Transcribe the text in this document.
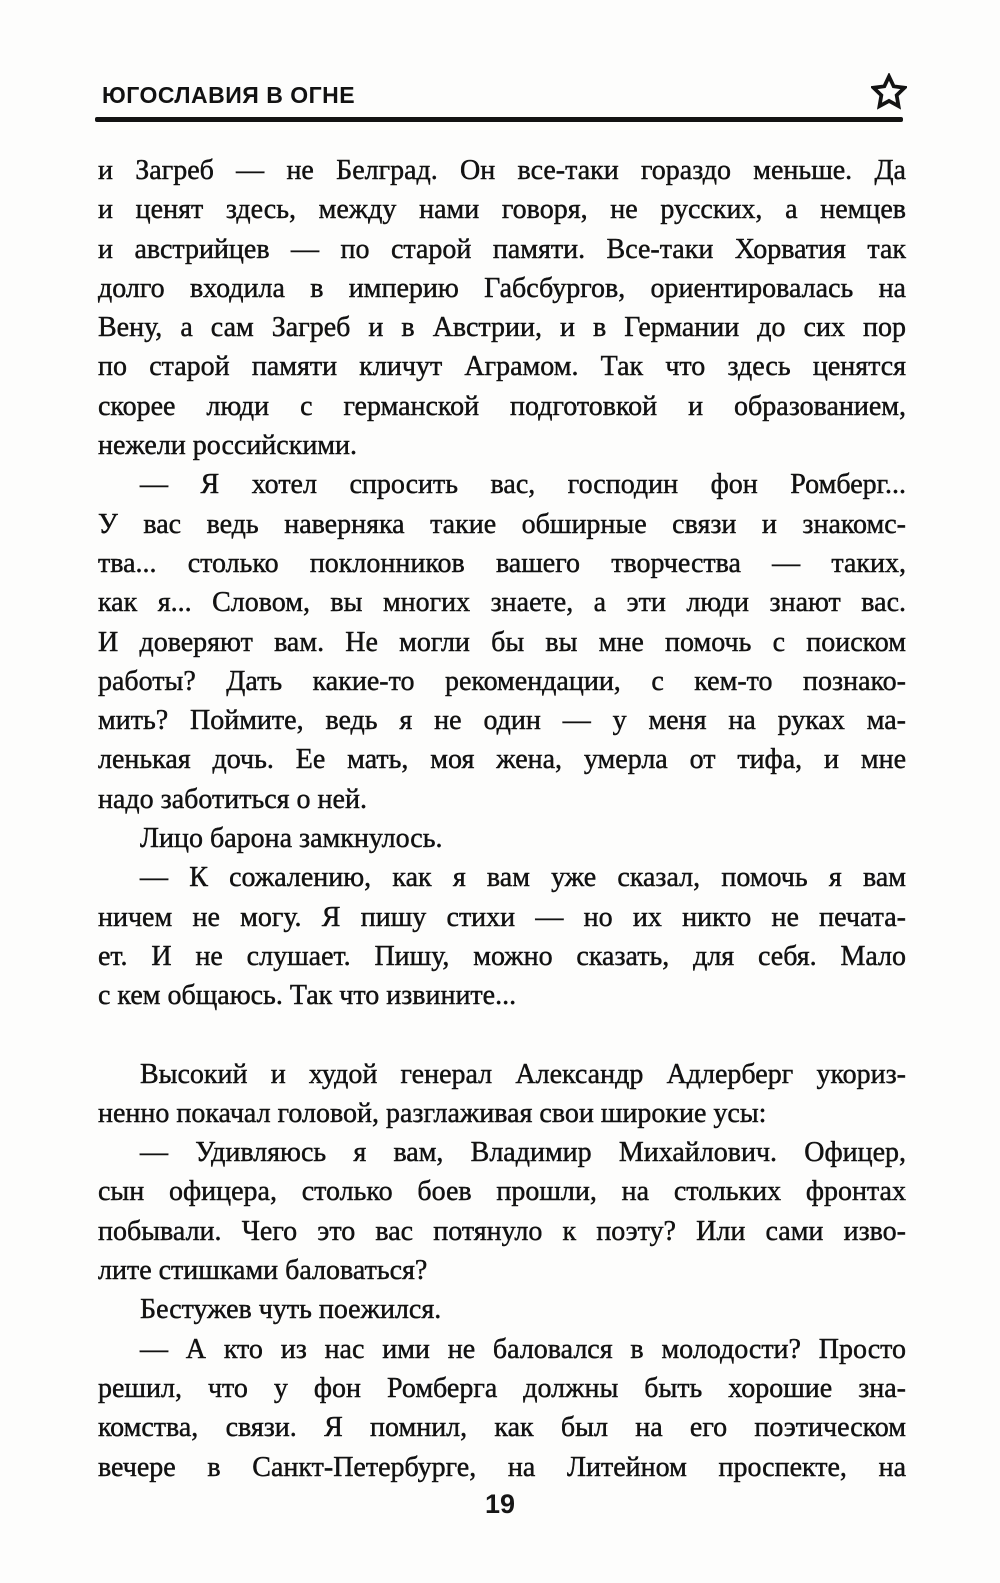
ЮГОСЛАВИЯ В ОГНЕ
и Загреб — не Белград. Он все-таки гораздо меньше. Да
и ценят здесь, между нами говоря, не русских, а немцев
и австрийцев — по старой памяти. Все-таки Хорватия так
долго входила в империю Габсбургов, ориентировалась на
Вену, а сам Загреб и в Австрии, и в Германии до сих пор
по старой памяти кличут Аграмом. Так что здесь ценятся
скорее люди с германской подготовкой и образованием,
нежели российскими.
— Я хотел спросить вас, господин фон Ромберг...
У вас ведь наверняка такие обширные связи и знакомс-
тва... столько поклонников вашего творчества — таких,
как я... Словом, вы многих знаете, а эти люди знают вас.
И доверяют вам. Не могли бы вы мне помочь с поиском
работы? Дать какие-то рекомендации, с кем-то познако-
мить? Поймите, ведь я не один — у меня на руках ма-
ленькая дочь. Ее мать, моя жена, умерла от тифа, и мне
надо заботиться о ней.
Лицо барона замкнулось.
— К сожалению, как я вам уже сказал, помочь я вам
ничем не могу. Я пишу стихи — но их никто не печата-
ет. И не слушает. Пишу, можно сказать, для себя. Мало
с кем общаюсь. Так что извините...
Высокий и худой генерал Александр Адлерберг укориз-
ненно покачал головой, разглаживая свои широкие усы:
— Удивляюсь я вам, Владимир Михайлович. Офицер,
сын офицера, столько боев прошли, на стольких фронтах
побывали. Чего это вас потянуло к поэту? Или сами изво-
лите стишками баловаться?
Бестужев чуть поежился.
— А кто из нас ими не баловался в молодости? Просто
решил, что у фон Ромберга должны быть хорошие зна-
комства, связи. Я помнил, как был на его поэтическом
вечере в Санкт-Петербурге, на Литейном проспекте, на
19
